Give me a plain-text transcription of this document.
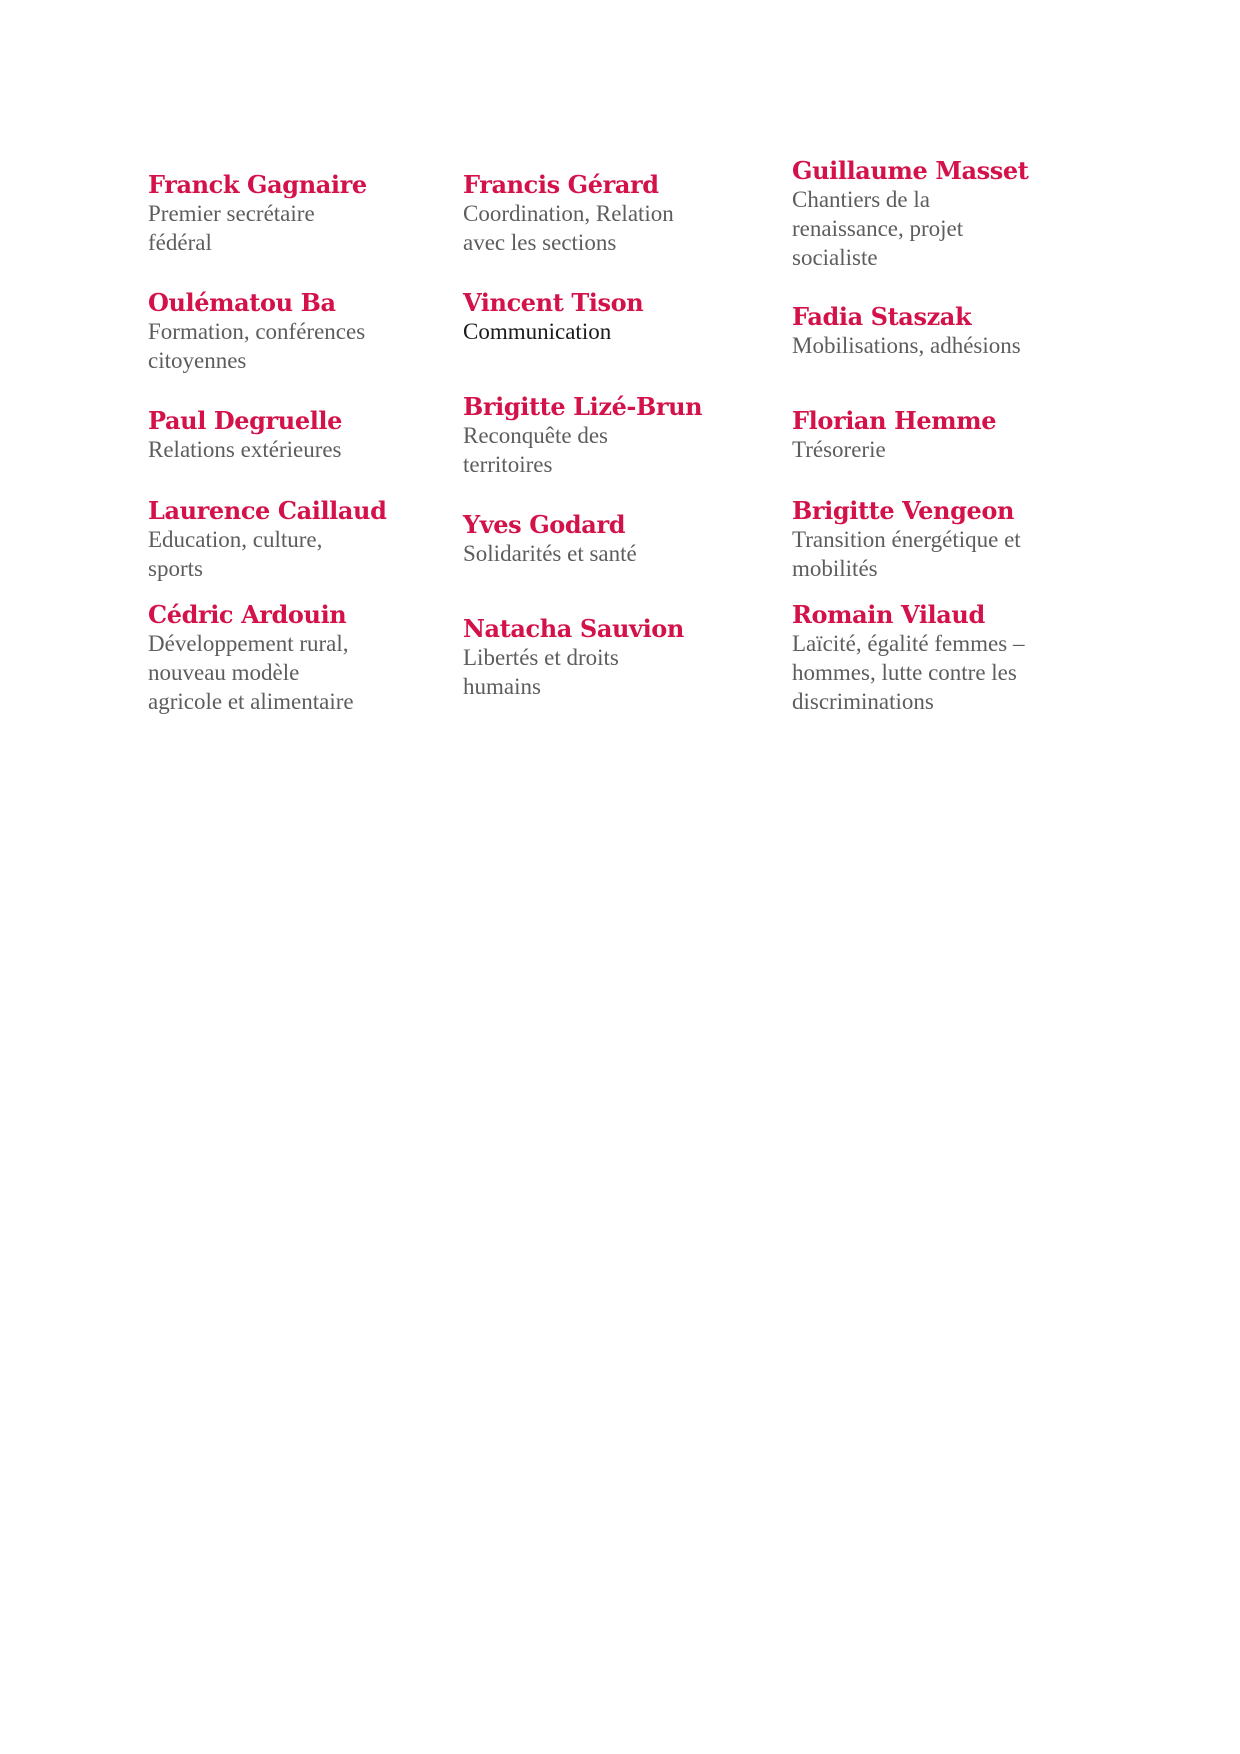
Franck Gagnaire
Premier secrétaire
fédéral
Francis Gérard
Coordination, Relation
avec les sections
Guillaume Masset
Chantiers de la
renaissance, projet
socialiste
Oulématou Ba
Formation, conférences
citoyennes
Vincent Tison
Communication
Fadia Staszak
Mobilisations, adhésions
Paul Degruelle
Relations extérieures
Brigitte Lizé-Brun
Reconquête des
territoires
Florian Hemme
Trésorerie
Laurence Caillaud
Education, culture,
sports
Yves Godard
Solidarités et santé
Brigitte Vengeon
Transition énergétique et
mobilités
Cédric Ardouin
Développement rural,
nouveau modèle
agricole et alimentaire
Natacha Sauvion
Libertés et droits
humains
Romain Vilaud
Laïcité, égalité femmes –
hommes, lutte contre les
discriminations
